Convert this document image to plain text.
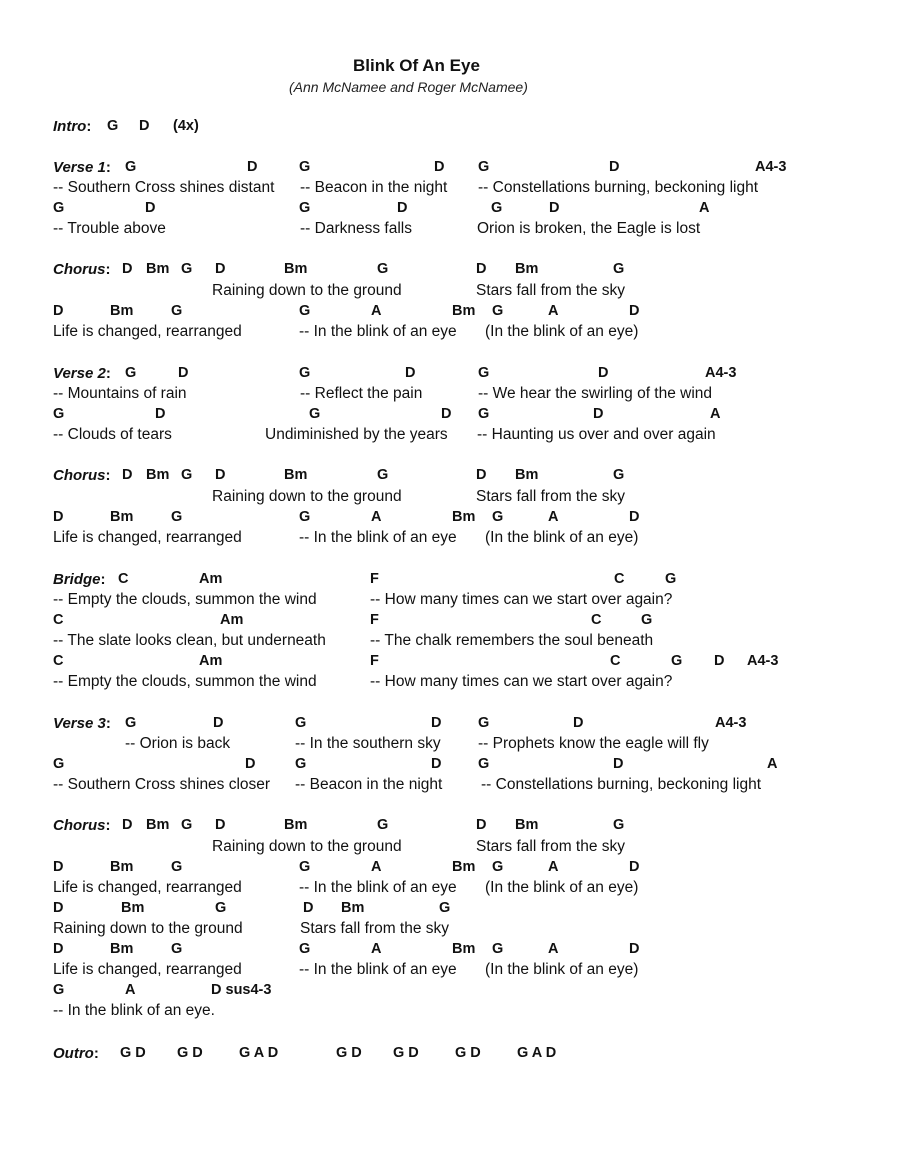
Blink Of An Eye
(Ann McNamee and Roger McNamee)
Intro: G D (4x)
Verse 1: G	D	G	D G	D	A4-3
-- Southern Cross shines distant -- Beacon in the night -- Constellations burning, beckoning light
G	D	G	D	G	D	A
-- Trouble above	-- Darkness falls	Orion is broken, the Eagle is lost
Chorus: D Bm G D	Bm	G	D Bm	G
Raining down to the ground	Stars fall from the sky
D	Bm	G	G	A	Bm G	A	D
Life is changed, rearranged	-- In the blink of an eye (In the blink of an eye)
Verse 2: G	D	G	D	G	D	A4-3
-- Mountains of rain	-- Reflect the pain	-- We hear the swirling of the wind
G	D	G	D G	D	A
-- Clouds of tears	Undiminished by the years -- Haunting us over and over again
Chorus: D Bm G D	Bm	G	D Bm	G
Raining down to the ground	Stars fall from the sky
D	Bm	G	G	A	Bm G	A	D
Life is changed, rearranged	-- In the blink of an eye (In the blink of an eye)
Bridge: C	Am	F	C	G
-- Empty the clouds, summon the wind	-- How many times can we start over again?
C	Am	F	C	G
-- The slate looks clean, but underneath	-- The chalk remembers the soul beneath
C	Am	F	C	G D A4-3
-- Empty the clouds, summon the wind	-- How many times can we start over again?
Verse 3: G	D	G	D	G	D	A4-3
-- Orion is back	-- In the southern sky -- Prophets know the eagle will fly
G	D	G	D	G	D	A
-- Southern Cross shines closer -- Beacon in the night -- Constellations burning, beckoning light
Chorus: D Bm G D	Bm	G	D Bm	G
Raining down to the ground	Stars fall from the sky
D	Bm	G	G	A	Bm G	A	D
Life is changed, rearranged	-- In the blink of an eye (In the blink of an eye)
D	Bm	G	D Bm	G
Raining down to the ground	Stars fall from the sky
D	Bm	G	G	A	Bm G	A	D
Life is changed, rearranged	-- In the blink of an eye (In the blink of an eye)
G	A	D sus4-3
-- In the blink of an eye.
Outro: G D G D G A D	G D G D G D G A D
